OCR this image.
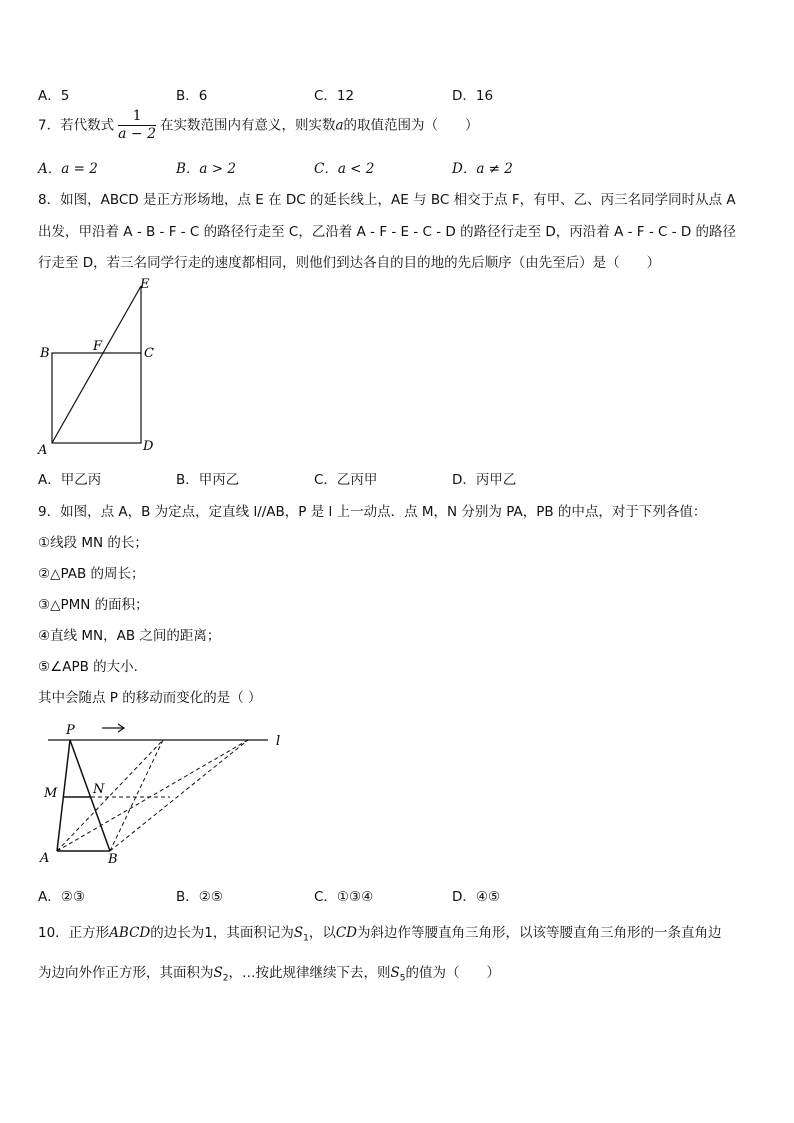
A．5	B．6	C．12	D．16
7．若代数式 $\frac{1}{a - 2}$ 在实数范围内有意义，则实数a的取值范围为（　　）
A．a = 2	B．a > 2	C．a < 2	D．a ≠ 2
8．如图，ABCD 是正方形场地，点 E 在 DC 的延长线上，AE 与 BC 相交于点 F，有甲、乙、丙三名同学同时从点 A
出发，甲沿着 A - B - F - C 的路径行走至 C，乙沿着 A - F - E - C - D 的路径行走至 D，丙沿着 A - F - C - D 的路径
行走至 D，若三名同学行走的速度都相同，则他们到达各自的目的地的先后顺序（由先至后）是（　　）
E
B	F	C
A	D
A．甲乙丙	B．甲丙乙	C．乙丙甲	D．丙甲乙
9．如图，点 A，B 为定点，定直线 l//AB，P 是 l 上一动点．点 M，N 分别为 PA，PB 的中点，对于下列各值：
①线段 MN 的长；
②△PAB 的周长；
③△PMN 的面积；
④直线 MN，AB 之间的距离；
⑤∠APB 的大小．
其中会随点 P 的移动而变化的是（ ）
P
l
M	N
A	B
A．②③	B．②⑤	C．①③④	D．④⑤
10．正方形ABCD的边长为1，其面积记为$S_1$，以CD为斜边作等腰直角三角形，以该等腰直角三角形的一条直角边
为边向外作正方形，其面积为$S_2$，…按此规律继续下去，则$S_5$的值为（　　）
